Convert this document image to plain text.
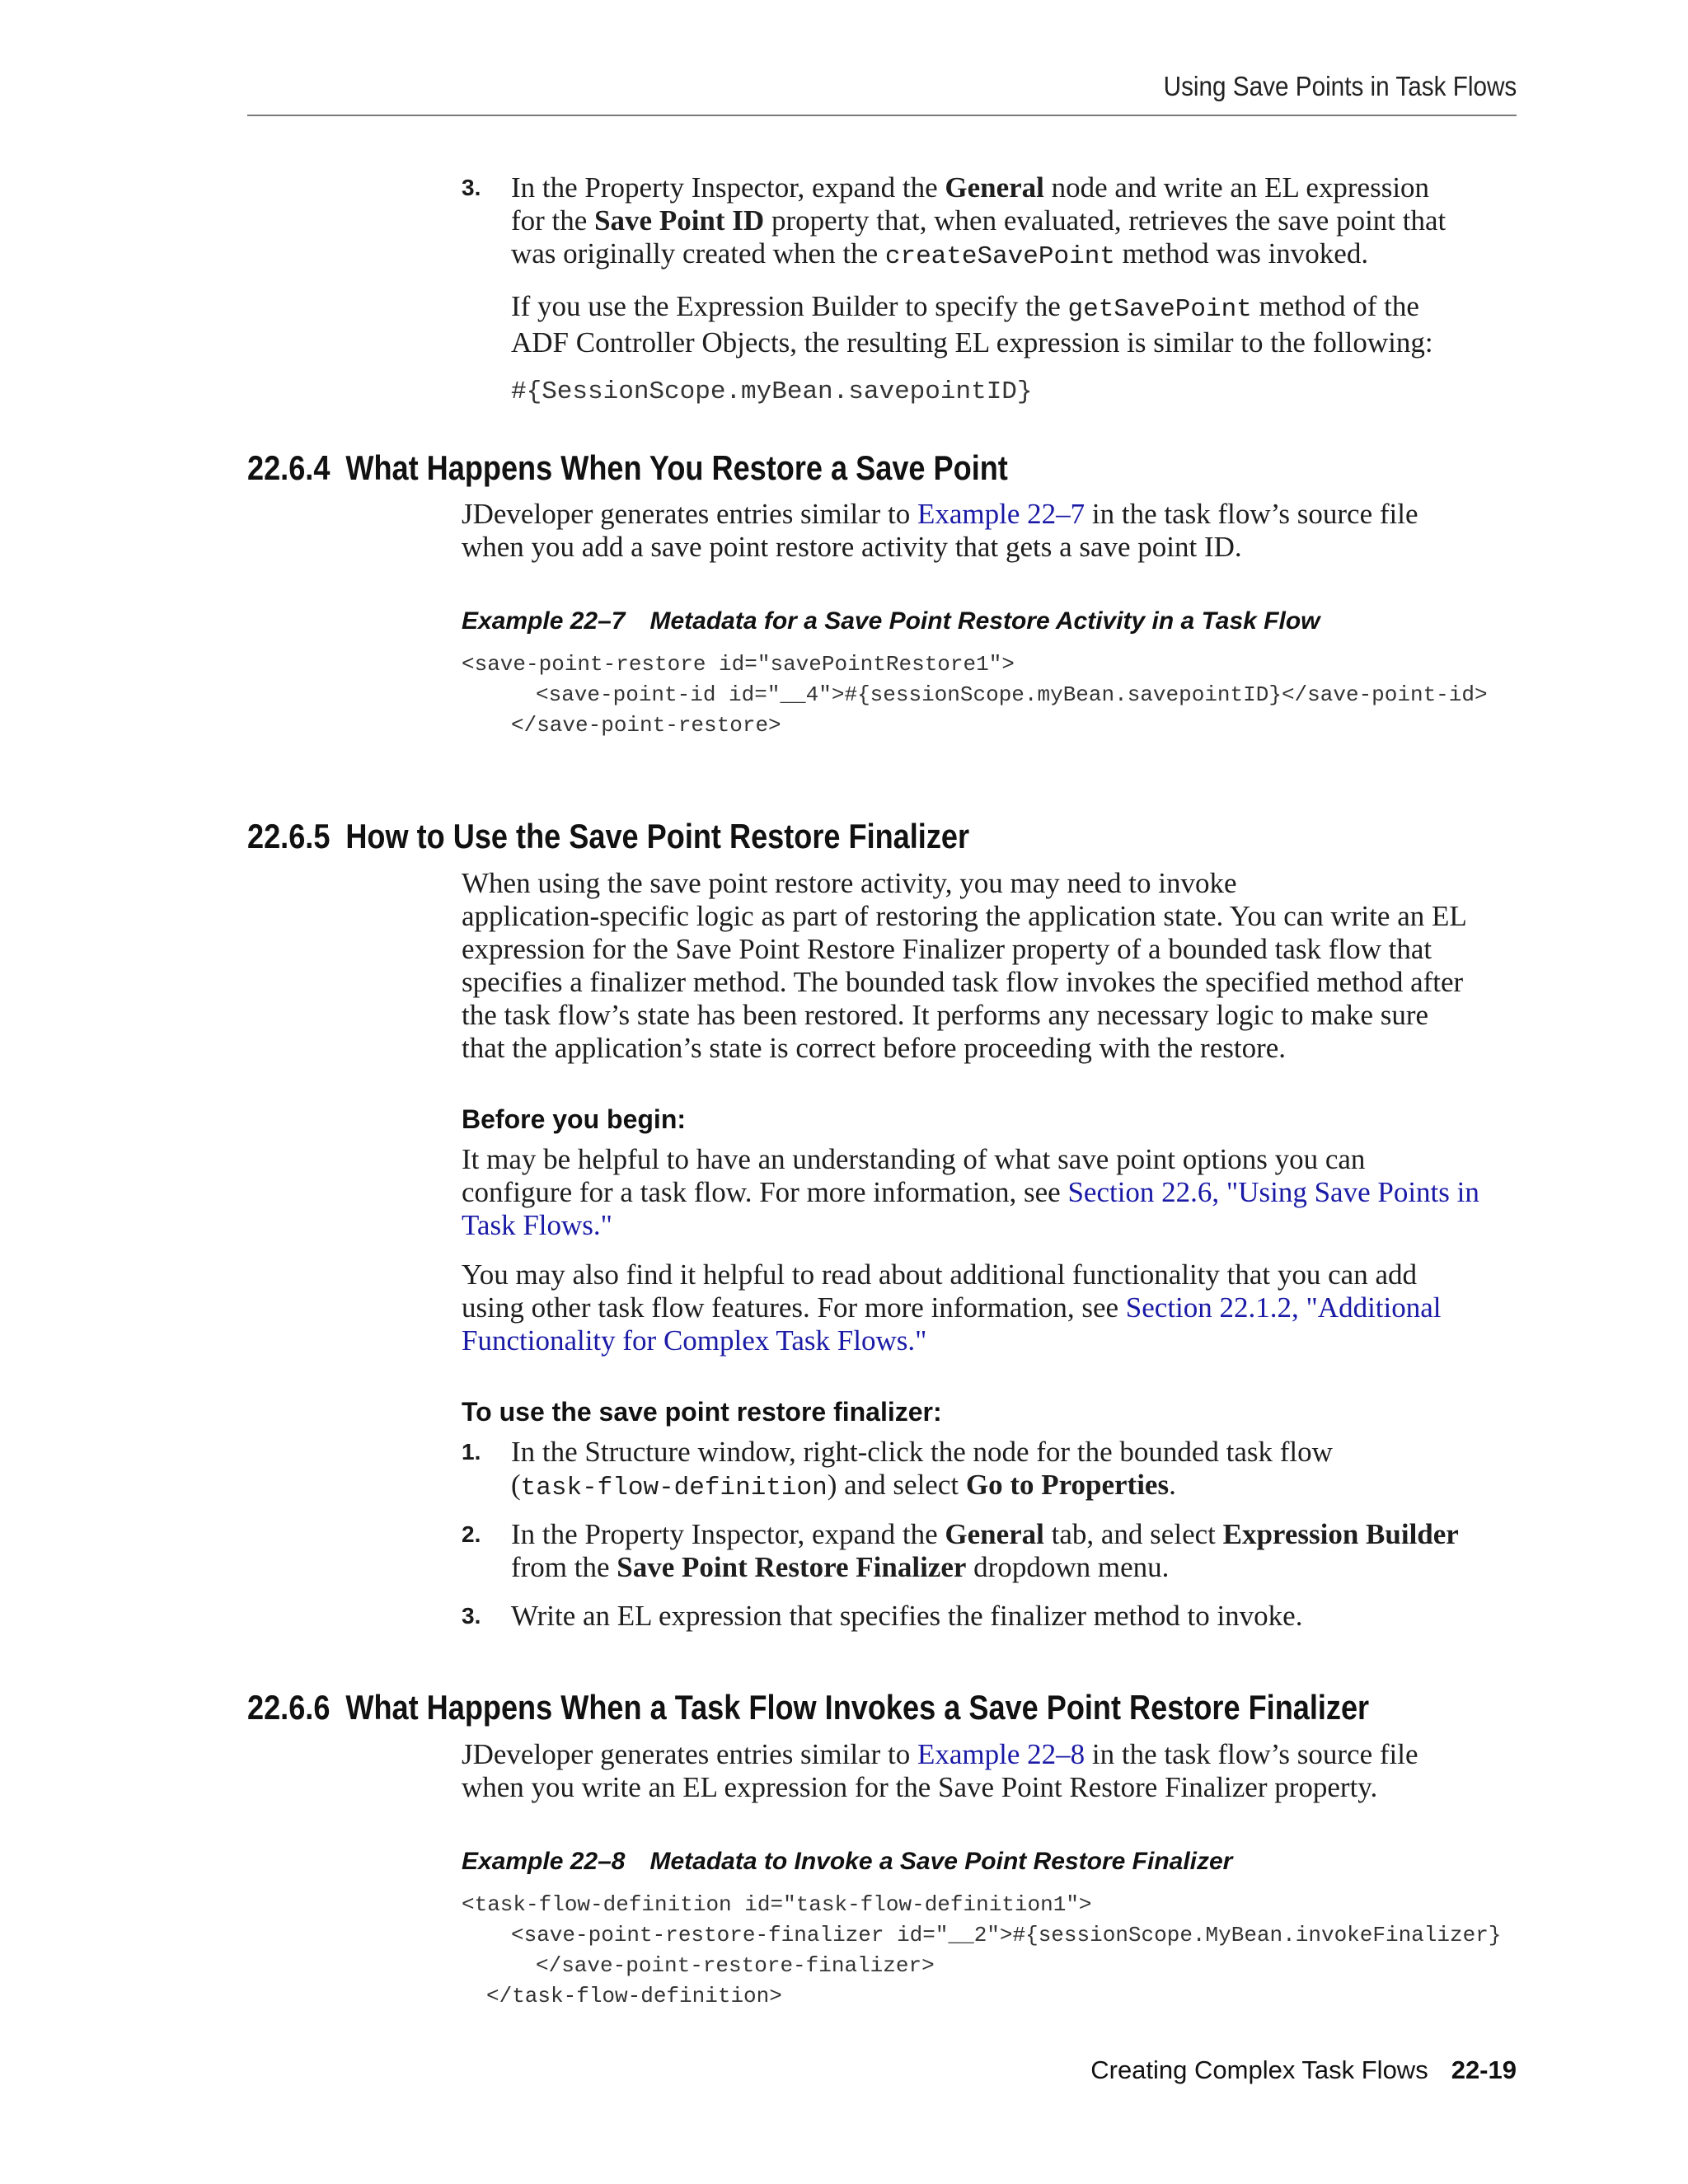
Using Save Points in Task Flows
3. In the Property Inspector, expand the General node and write an EL expression
for the Save Point ID property that, when evaluated, retrieves the save point that
was originally created when the createSavePoint method was invoked.
If you use the Expression Builder to specify the getSavePoint method of the
ADF Controller Objects, the resulting EL expression is similar to the following:
#{SessionScope.myBean.savepointID}
22.6.4 What Happens When You Restore a Save Point
JDeveloper generates entries similar to Example 22–7 in the task flow’s source file
when you add a save point restore activity that gets a save point ID.
Example 22–7 Metadata for a Save Point Restore Activity in a Task Flow
<save-point-restore id="savePointRestore1">
<save-point-id id="__4">#{sessionScope.myBean.savepointID}</save-point-id>
</save-point-restore>
22.6.5 How to Use the Save Point Restore Finalizer
When using the save point restore activity, you may need to invoke
application-specific logic as part of restoring the application state. You can write an EL
expression for the Save Point Restore Finalizer property of a bounded task flow that
specifies a finalizer method. The bounded task flow invokes the specified method after
the task flow’s state has been restored. It performs any necessary logic to make sure
that the application’s state is correct before proceeding with the restore.
Before you begin:
It may be helpful to have an understanding of what save point options you can
configure for a task flow. For more information, see Section 22.6, "Using Save Points in
Task Flows."
You may also find it helpful to read about additional functionality that you can add
using other task flow features. For more information, see Section 22.1.2, "Additional
Functionality for Complex Task Flows."
To use the save point restore finalizer:
1. In the Structure window, right-click the node for the bounded task flow
(task-flow-definition) and select Go to Properties.
2. In the Property Inspector, expand the General tab, and select Expression Builder
from the Save Point Restore Finalizer dropdown menu.
3. Write an EL expression that specifies the finalizer method to invoke.
22.6.6 What Happens When a Task Flow Invokes a Save Point Restore Finalizer
JDeveloper generates entries similar to Example 22–8 in the task flow’s source file
when you write an EL expression for the Save Point Restore Finalizer property.
Example 22–8 Metadata to Invoke a Save Point Restore Finalizer
<task-flow-definition id="task-flow-definition1">
<save-point-restore-finalizer id="__2">#{sessionScope.MyBean.invokeFinalizer}
</save-point-restore-finalizer>
</task-flow-definition>
Creating Complex Task Flows 22-19
